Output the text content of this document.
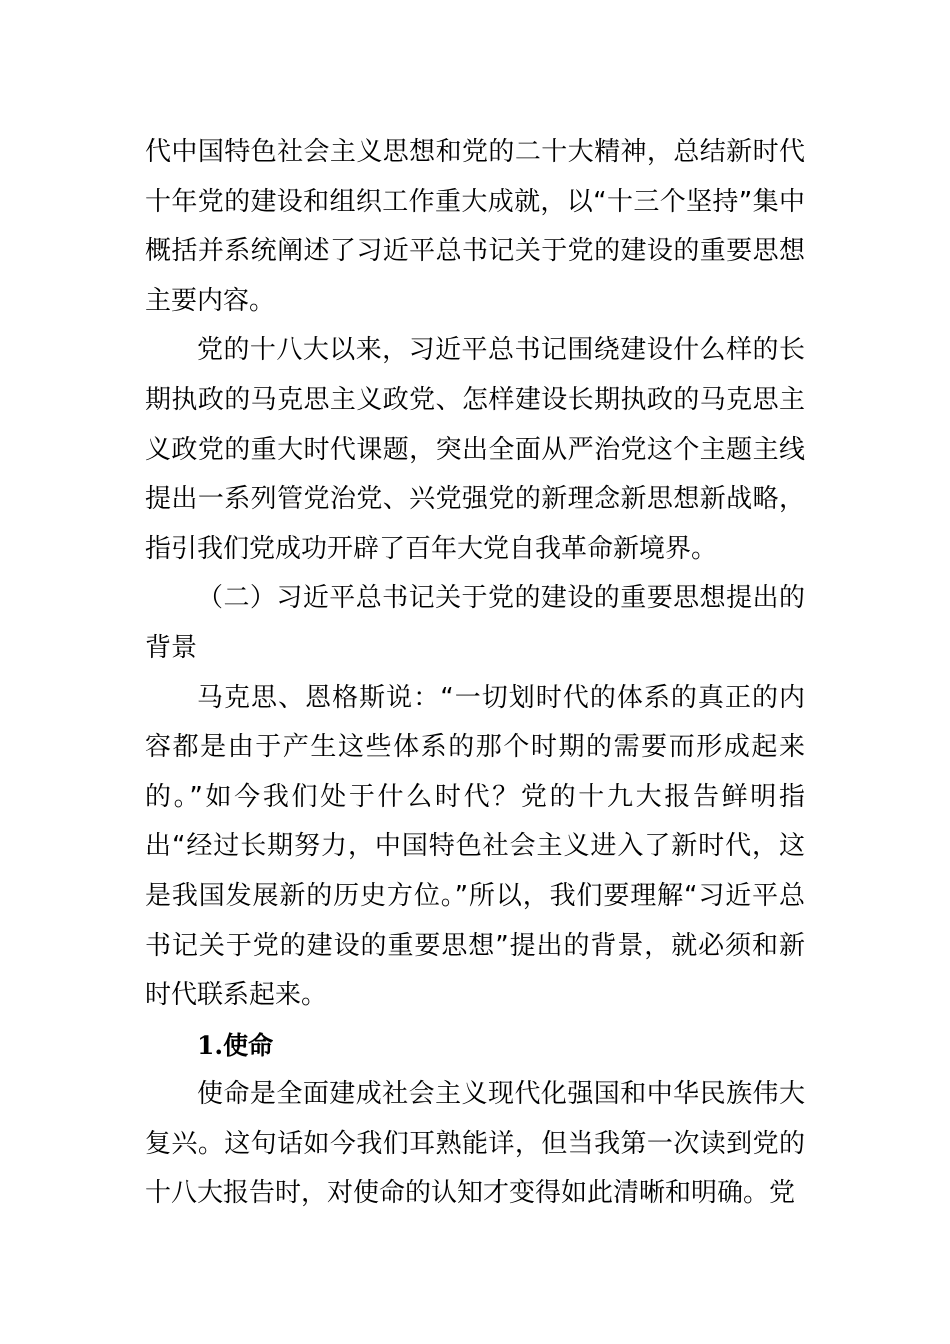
代中国特色社会主义思想和党的二十大精神，总结新时代十年党的建设和组织工作重大成就，以“十三个坚持”集中概括并系统阐述了习近平总书记关于党的建设的重要思想主要内容。

党的十八大以来，习近平总书记围绕建设什么样的长期执政的马克思主义政党、怎样建设长期执政的马克思主义政党的重大时代课题，突出全面从严治党这个主题主线提出一系列管党治党、兴党强党的新理念新思想新战略，指引我们党成功开辟了百年大党自我革命新境界。

（二）习近平总书记关于党的建设的重要思想提出的背景

马克思、恩格斯说：“一切划时代的体系的真正的内容都是由于产生这些体系的那个时期的需要而形成起来的。”如今我们处于什么时代？党的十九大报告鲜明指出“经过长期努力，中国特色社会主义进入了新时代，这是我国发展新的历史方位。”所以，我们要理解“习近平总书记关于党的建设的重要思想”提出的背景，就必须和新时代联系起来。

1.使命

使命是全面建成社会主义现代化强国和中华民族伟大复兴。这句话如今我们耳熟能详，但当我第一次读到党的十八大报告时，对使命的认知才变得如此清晰和明确。党
